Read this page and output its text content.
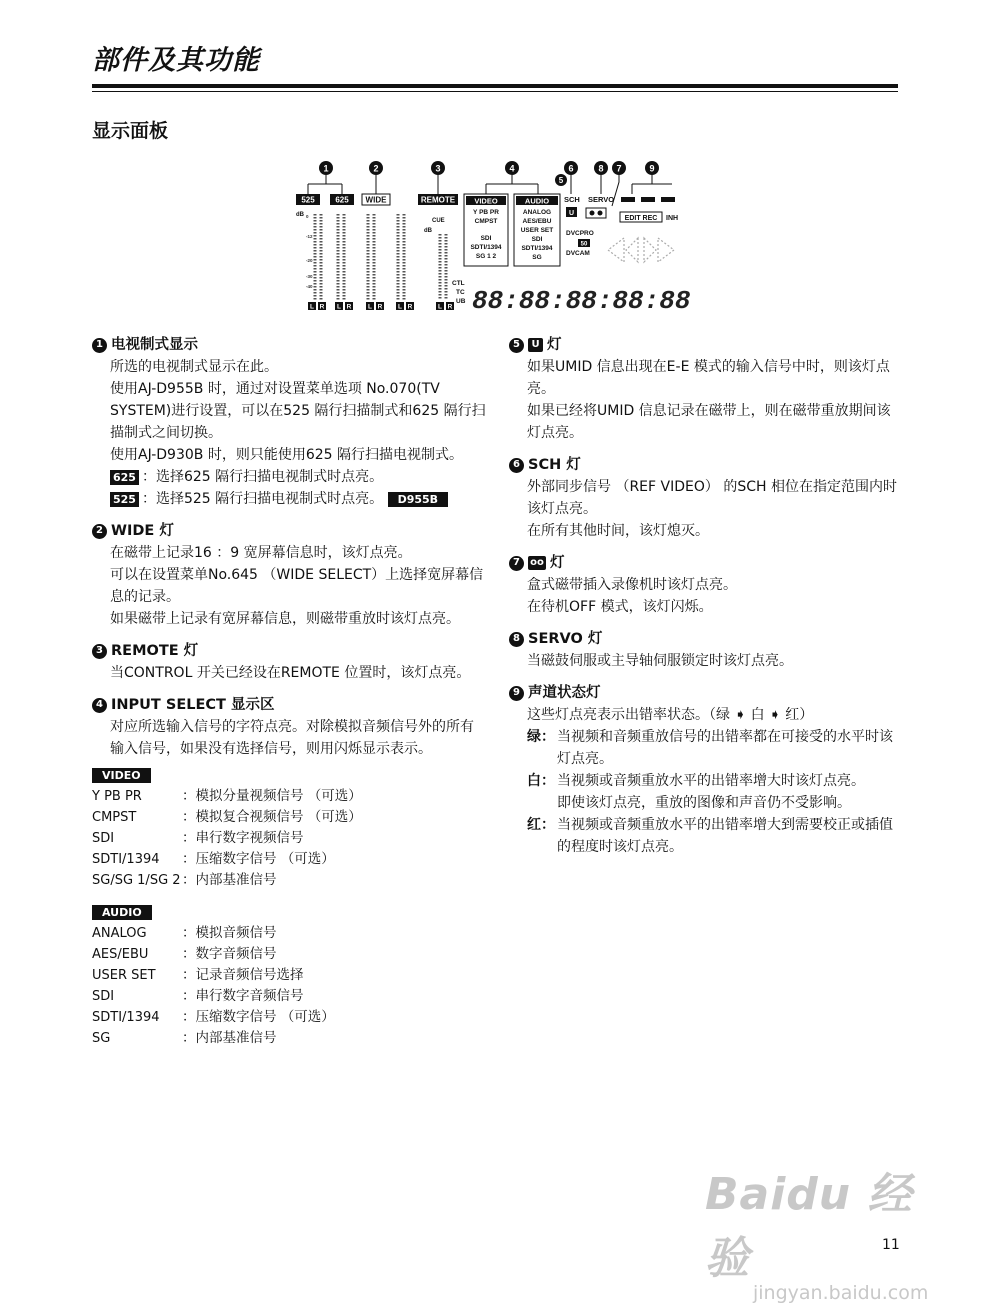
部件及其功能
显示面板
1	2	3	4
5
6	7
8	9
525	625 WIDE	REMOTE	VIDEO
Y PB PR
CMPST
SDI
SDTI/1394
SG 1 2
AUDIO
ANALOG
AES/EBU
USER SET
SDI
SDTI/1394
SG
SCH SERVO
U
EDIT REC INH
DVCPRO
50
DVCAM
dB
CUE
dB
CTL
TC
UB
0
-12
-20
-30
-40
L R L R	L R L R	L R 88:88:88:88:88
1 电视制式显示

所选的电视制式显示在此。

使用AJ-D955B 时，通过对设置菜单选项 No.070(TV SYSTEM)进行设置，可以在525 隔行扫描制式和625 隔行扫描制式之间切换。

使用AJ-D930B 时，则只能使用625 隔行扫描电视制式。

625 ：选择625 隔行扫描电视制式时点亮。

525 ：选择525 隔行扫描电视制式时点亮。 D955B

2 WIDE 灯

在磁带上记录16 ：9 宽屏幕信息时，该灯点亮。

可以在设置菜单No.645 （WIDE SELECT）上选择宽屏幕信息的记录。

如果磁带上记录有宽屏幕信息，则磁带重放时该灯点亮。

3 REMOTE 灯

当CONTROL 开关已经设在REMOTE 位置时，该灯点亮。

4 INPUT SELECT 显示区

对应所选输入信号的字符点亮。对除模拟音频信号外的所有输入信号，如果没有选择信号，则用闪烁显示表示。

VIDEO
Y PB PR	：模拟分量视频信号 （可选）
CMPST	：模拟复合视频信号 （可选）
SDI	：串行数字视频信号
SDTI/1394	：压缩数字信号 （可选）
SG/SG 1/SG 2 ：内部基准信号
AUDIO
ANALOG	：模拟音频信号
AES/EBU	：数字音频信号
USER SET	：记录音频信号选择
SDI	：串行数字音频信号
SDTI/1394	：压缩数字信号 （可选）
SG	：内部基准信号
5	U 灯

如果UMID 信息出现在E-E 模式的输入信号中时，则该灯点亮。

如果已经将UMID 信息记录在磁带上，则在磁带重放期间该灯点亮。

6 SCH 灯

外部同步信号 （REF VIDEO） 的SCH 相位在指定范围内时该灯点亮。

在所有其他时间，该灯熄灭。

7	oo 灯

盒式磁带插入录像机时该灯点亮。

在待机OFF 模式，该灯闪烁。

8 SERVO 灯

当磁鼓伺服或主导轴伺服锁定时该灯点亮。

9 声道状态灯

这些灯点亮表示出错率状态。（绿 ➧ 白 ➧ 红）

绿： 当视频和音频重放信号的出错率都在可接受的水平时该灯点亮。
白： 当视频或音频重放水平的出错率增大时该灯点亮。
即使该灯点亮，重放的图像和声音仍不受影响。
红： 当视频或音频重放水平的出错率增大到需要校正或插值的程度时该灯点亮。
Baidu 经验
jingyan.baidu.com
11
